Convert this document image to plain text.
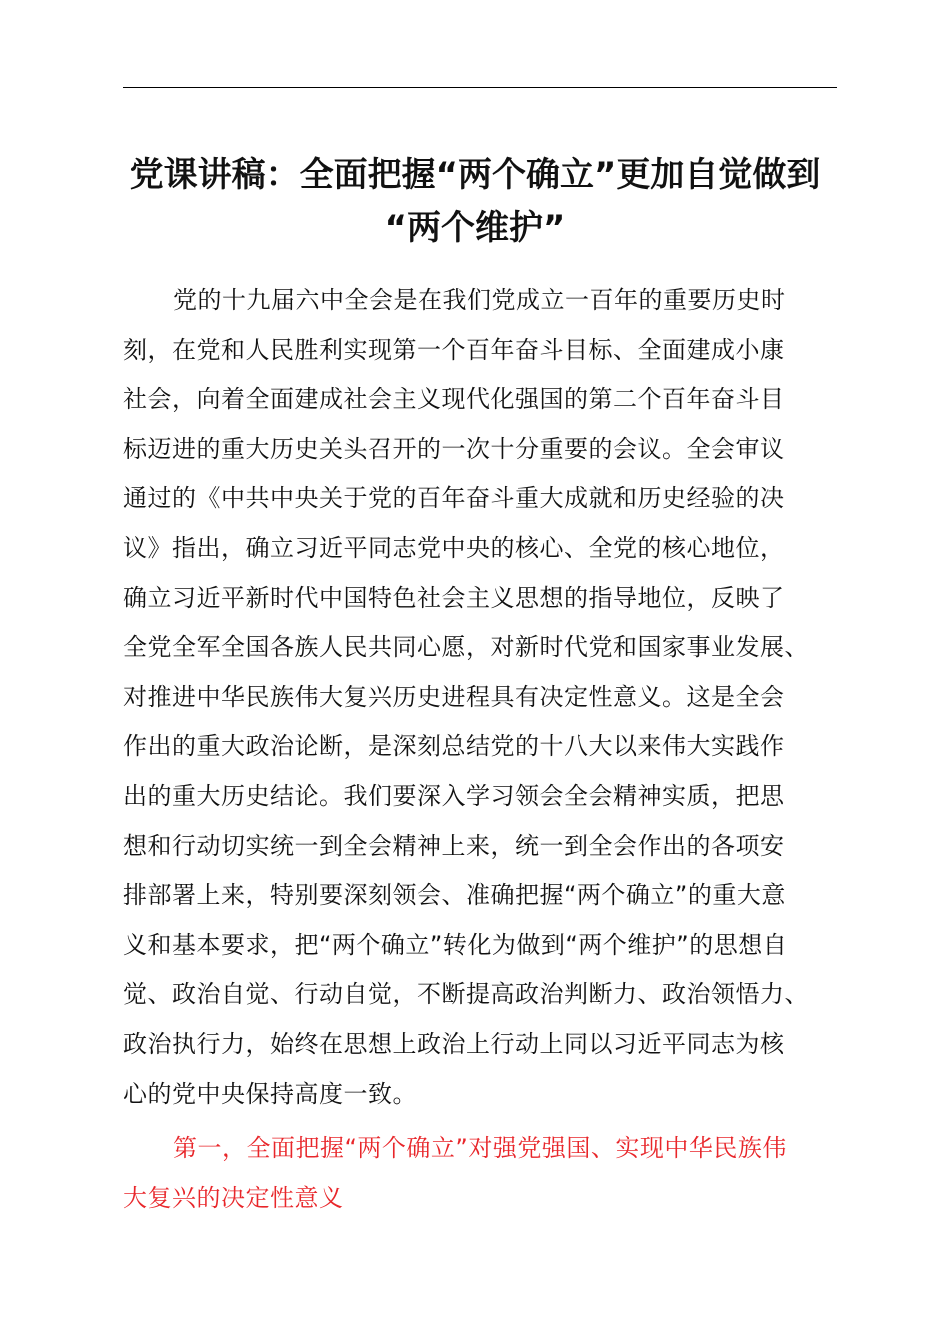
党课讲稿：全面把握“两个确立”更加自觉做到
“两个维护”
党的十九届六中全会是在我们党成立一百年的重要历史时
刻，在党和人民胜利实现第一个百年奋斗目标、全面建成小康
社会，向着全面建成社会主义现代化强国的第二个百年奋斗目
标迈进的重大历史关头召开的一次十分重要的会议。全会审议
通过的《中共中央关于党的百年奋斗重大成就和历史经验的决
议》指出，确立习近平同志党中央的核心、全党的核心地位，
确立习近平新时代中国特色社会主义思想的指导地位，反映了
全党全军全国各族人民共同心愿，对新时代党和国家事业发展、
对推进中华民族伟大复兴历史进程具有决定性意义。这是全会
作出的重大政治论断，是深刻总结党的十八大以来伟大实践作
出的重大历史结论。我们要深入学习领会全会精神实质，把思
想和行动切实统一到全会精神上来，统一到全会作出的各项安
排部署上来，特别要深刻领会、准确把握“两个确立”的重大意
义和基本要求，把“两个确立”转化为做到“两个维护”的思想自
觉、政治自觉、行动自觉，不断提高政治判断力、政治领悟力、
政治执行力，始终在思想上政治上行动上同以习近平同志为核
心的党中央保持高度一致。
第一，全面把握“两个确立”对强党强国、实现中华民族伟
大复兴的决定性意义
